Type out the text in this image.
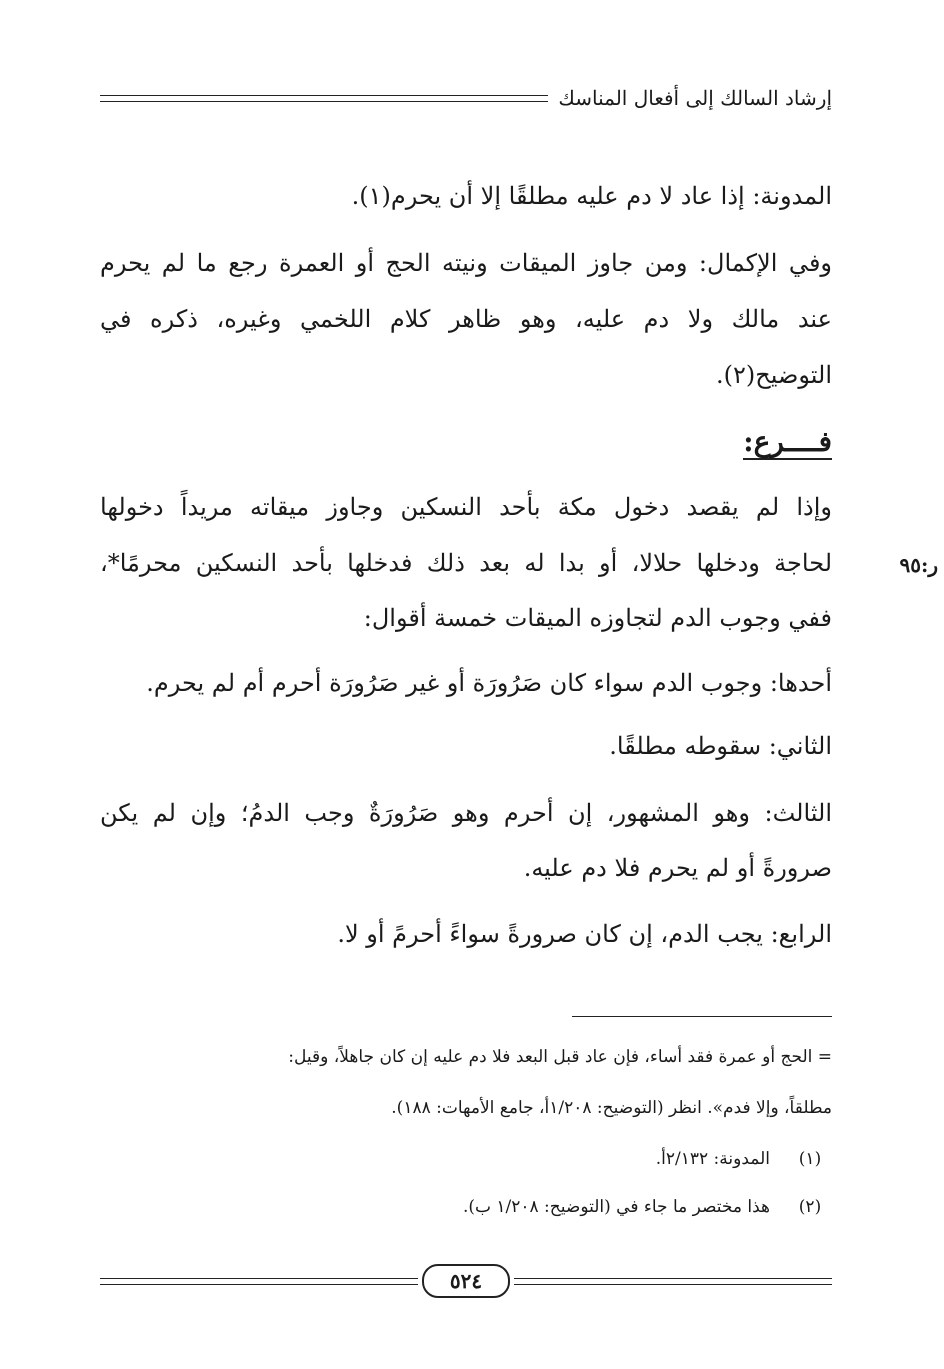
إرشاد السالك إلى أفعال المناسك
المدونة: إذا عاد لا دم عليه مطلقًا إلا أن يحرم(١).
وفي الإكمال: ومن جاوز الميقات ونيته الحج أو العمرة رجع ما لم يحرم
عند مالك ولا دم عليه، وهو ظاهر كلام اللخمي وغيره، ذكره في
التوضيح(٢).
فــــرع:
وإذا لم يقصد دخول مكة بأحد النسكين وجاوز ميقاته مريداً دخولها
لحاجة ودخلها حلالا، أو بدا له بعد ذلك فدخلها بأحد النسكين محرمًا*،
ففي وجوب الدم لتجاوزه الميقات خمسة أقوال:
أحدها: وجوب الدم سواء كان صَرُورَة أو غير صَرُورَة أحرم أم لم يحرم.
الثاني: سقوطه مطلقًا.
الثالث: وهو المشهور، إن أحرم وهو صَرُورَةٌ وجب الدمُ؛ وإن لم يكن
صرورةً أو لم يحرم فلا دم عليه.
الرابع: يجب الدم، إن كان صرورةً سواءً أحرمً أو لا.
ر:٩٥
= الحج أو عمرة فقد أساء، فإن عاد قبل البعد فلا دم عليه إن كان جاهلاً، وقيل:
مطلقاً، وإلا فدم». انظر (التوضيح: ١/٢٠٨أ، جامع الأمهات: ١٨٨).
(١)المدونة: ٢/١٣٢أ.
(٢)هذا مختصر ما جاء في (التوضيح: ١/٢٠٨ ب).
٥٢٤
